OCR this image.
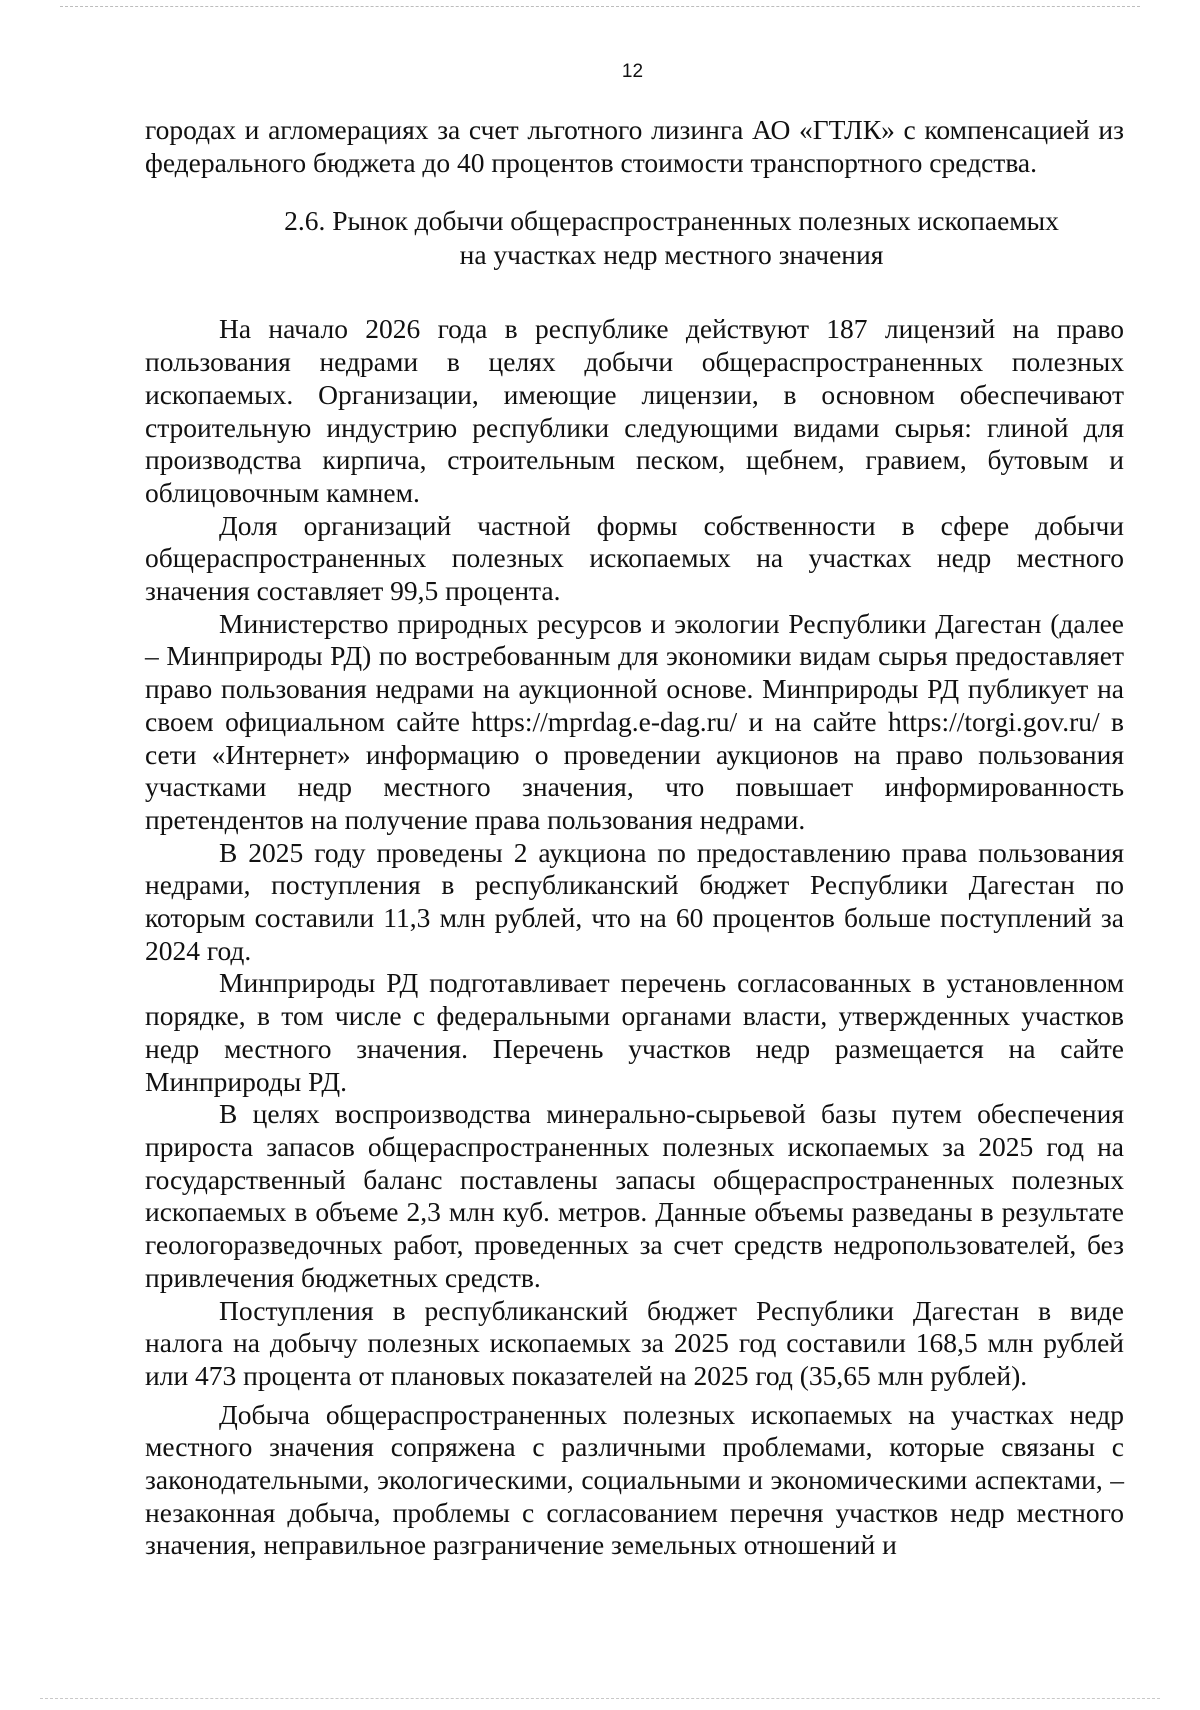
12

городах и агломерациях за счет льготного лизинга АО «ГТЛК» с компенсацией из федерального бюджета до 40 процентов стоимости транспортного средства.

2.6. Рынок добычи общераспространенных полезных ископаемых
на участках недр местного значения

На начало 2026 года в республике действуют 187 лицензий на право пользования недрами в целях добычи общераспространенных полезных ископаемых. Организации, имеющие лицензии, в основном обеспечивают строительную индустрию республики следующими видами сырья: глиной для производства кирпича, строительным песком, щебнем, гравием, бутовым и облицовочным камнем.

Доля организаций частной формы собственности в сфере добычи общераспространенных полезных ископаемых на участках недр местного значения составляет 99,5 процента.

Министерство природных ресурсов и экологии Республики Дагестан (далее – Минприроды РД) по востребованным для экономики видам сырья предоставляет право пользования недрами на аукционной основе. Минприроды РД публикует на своем официальном сайте https://mprdag.e-dag.ru/ и на сайте https://torgi.gov.ru/ в сети «Интернет» информацию о проведении аукционов на право пользования участками недр местного значения, что повышает информированность претендентов на получение права пользования недрами.

В 2025 году проведены 2 аукциона по предоставлению права пользования недрами, поступления в республиканский бюджет Республики Дагестан по которым составили 11,3 млн рублей, что на 60 процентов больше поступлений за 2024 год.

Минприроды РД подготавливает перечень согласованных в установленном порядке, в том числе с федеральными органами власти, утвержденных участков недр местного значения. Перечень участков недр размещается на сайте Минприроды РД.

В целях воспроизводства минерально-сырьевой базы путем обеспечения прироста запасов общераспространенных полезных ископаемых за 2025 год на государственный баланс поставлены запасы общераспространенных полезных ископаемых в объеме 2,3 млн куб. метров. Данные объемы разведаны в результате геологоразведочных работ, проведенных за счет средств недропользователей, без привлечения бюджетных средств.

Поступления в республиканский бюджет Республики Дагестан в виде налога на добычу полезных ископаемых за 2025 год составили 168,5 млн рублей или 473 процента от плановых показателей на 2025 год (35,65 млн рублей).

Добыча общераспространенных полезных ископаемых на участках недр местного значения сопряжена с различными проблемами, которые связаны с законодательными, экологическими, социальными и экономическими аспектами, – незаконная добыча, проблемы с согласованием перечня участков недр местного значения, неправильное разграничение земельных отношений и
